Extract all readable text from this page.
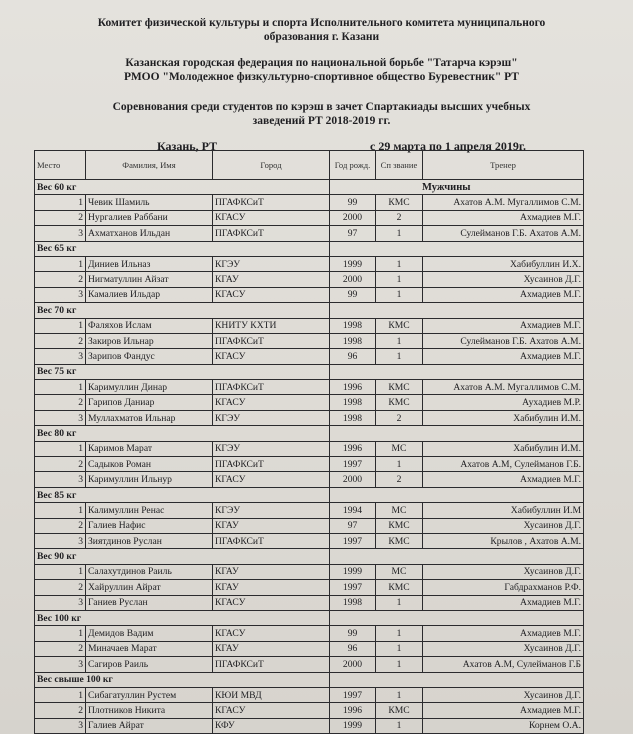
Комитет физической культуры и спорта Исполнительного комитета муниципального
образования г. Казани
Казанская городская федерация по национальной борьбе "Татарча кэрэш"
РМОО "Молодежное физкультурно-спортивное общество Буревестник" РТ
Соревнования среди студентов по кэрэш в зачет Спартакиады высших учебных
заведений РТ 2018-2019 гг.
Казань, РТ	с 29 марта по 1 апреля 2019г.
Место	Фамилия, Имя	Город	Год рожд.	Сп звание	Тренер
Вес 60 кг			Мужчины		
1	Чевик Шамиль	ПГАФКСиТ	99	КМС	Ахатов А.М. Мугаллимов С.М.
2	Нургалиев Раббани	КГАСУ	2000	2	Ахмадиев М.Г.
3	Ахматханов Ильдан	ПГАФКСиТ	97	1	Сулейманов Г.Б. Ахатов А.М.
Вес 65 кг					
1	Диниев Ильназ	КГЭУ	1999	1	Хабибуллин И.Х.
2	Нигматуллин Айзат	КГАУ	2000	1	Хусаинов Д.Г.
3	Камалиев Ильдар	КГАСУ	99	1	Ахмадиев М.Г.
Вес 70 кг					
1	Фаляхов Ислам	КНИТУ КХТИ	1998	КМС	Ахмадиев М.Г.
2	Закиров Ильнар	ПГАФКСиТ	1998	1	Сулейманов Г.Б. Ахатов А.М.
3	Зарипов Фандус	КГАСУ	96	1	Ахмадиев М.Г.
Вес 75 кг					
1	Каримуллин Динар	ПГАФКСиТ	1996	КМС	Ахатов А.М. Мугаллимов С.М.
2	Гарипов Даниар	КГАСУ	1998	КМС	Аухадиев М.Р.
3	Муллахматов Ильнар	КГЭУ	1998	2	Хабибулин И.М.
Вес 80 кг					
1	Каримов Марат	КГЭУ	1996	МС	Хабибулин И.М.
2	Садыков Роман	ПГАФКСиТ	1997	1	Ахатов А.М, Сулейманов Г.Б.
3	Каримуллин Ильнур	КГАСУ	2000	2	Ахмадиев М.Г.
Вес 85 кг					
1	Калимуллин Ренас	КГЭУ	1994	МС	Хабибуллин И.М
2	Галиев Нафис	КГАУ	97	КМС	Хусаинов Д.Г.
3	Зиятдинов Руслан	ПГАФКСиТ	1997	КМС	Крылов , Ахатов А.М.
Вес 90 кг					
1	Салахутдинов Раиль	КГАУ	1999	МС	Хусаинов Д.Г.
2	Хайруллин Айрат	КГАУ	1997	КМС	Габдрахманов Р.Ф.
3	Ганиев Руслан	КГАСУ	1998	1	Ахмадиев М.Г.
Вес 100 кг					
1	Демидов Вадим	КГАСУ	99	1	Ахмадиев М.Г.
2	Миначаев Марат	КГАУ	96	1	Хусаинов Д.Г.
3	Сагиров Раиль	ПГАФКСиТ	2000	1	Ахатов А.М, Сулейманов Г.Б
Вес свыше 100 кг					
1	Сибагатуллин Рустем	КЮИ МВД	1997	1	Хусаинов Д.Г.
2	Плотников Никита	КГАСУ	1996	КМС	Ахмадиев М.Г.
3	Галиев Айрат	КФУ	1999	1	Корнем О.А.
